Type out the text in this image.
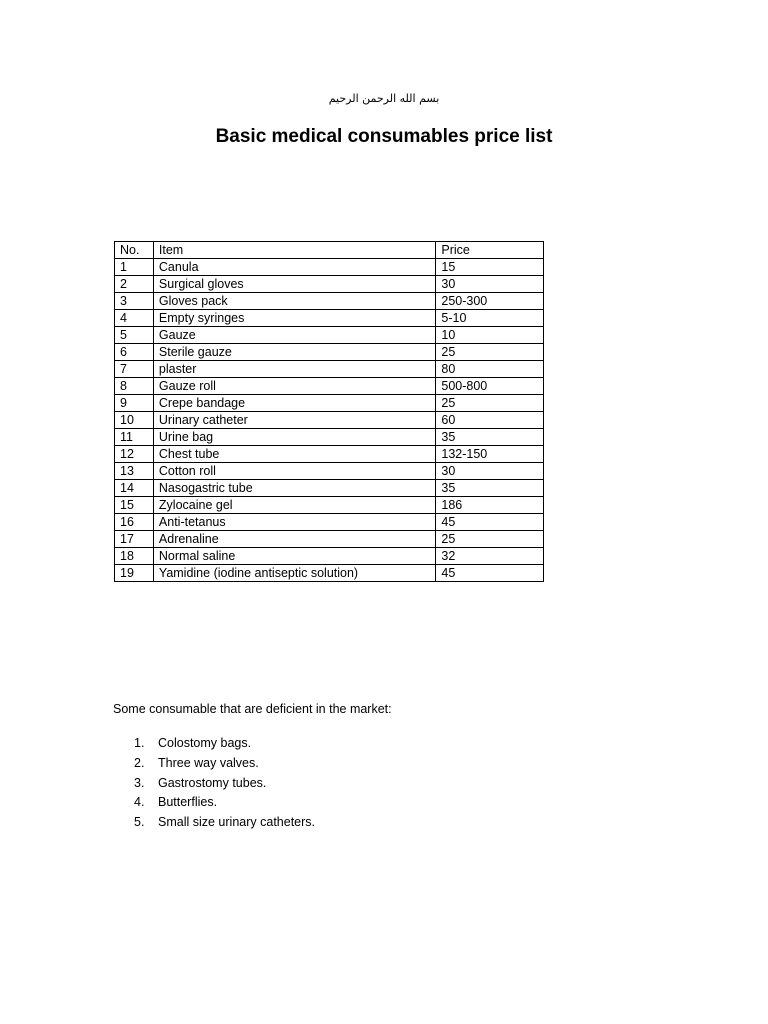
بسم الله الرحمن الرحيم
Basic medical consumables price list
No.	Item	Price
1	Canula	15
2	Surgical gloves	30
3	Gloves pack	250-300
4	Empty syringes	5-10
5	Gauze	10
6	Sterile gauze	25
7	plaster	80
8	Gauze roll	500-800
9	Crepe bandage	25
10	Urinary catheter	60
11	Urine bag	35
12	Chest tube	132-150
13	Cotton roll	30
14	Nasogastric tube	35
15	Zylocaine gel	186
16	Anti-tetanus	45
17	Adrenaline	25
18	Normal saline	32
19	Yamidine (iodine antiseptic solution)	45

Some consumable that are deficient in the market:

1. Colostomy bags.
2. Three way valves.
3. Gastrostomy tubes.
4. Butterflies.
5. Small size urinary catheters.
